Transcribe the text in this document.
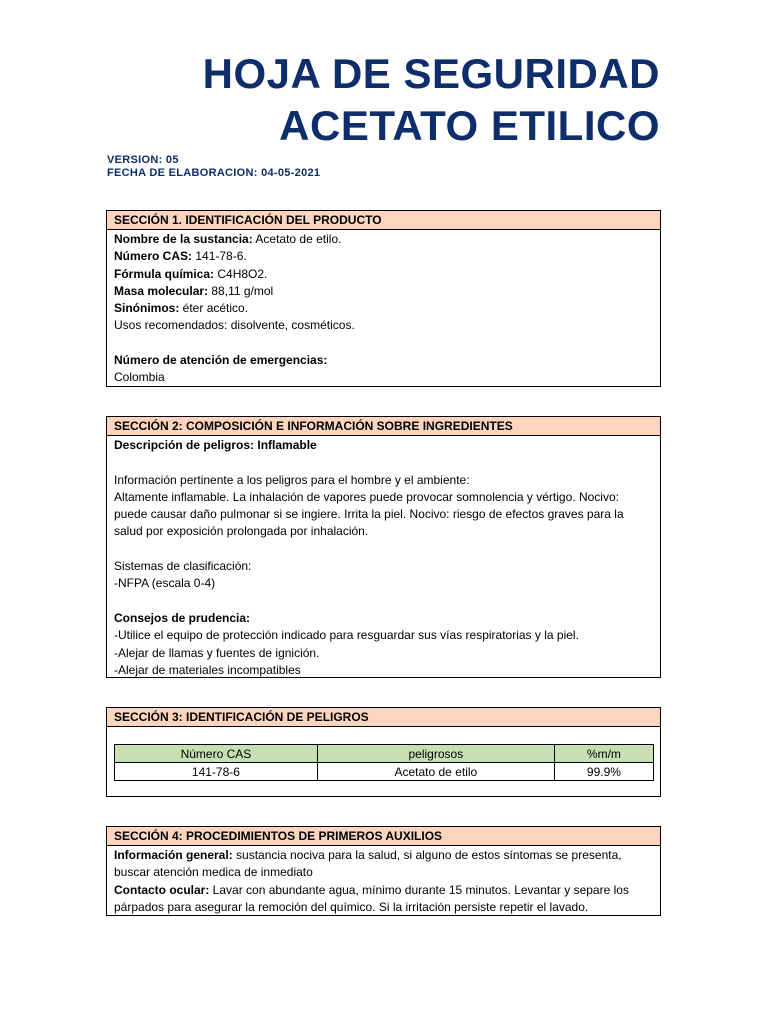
HOJA DE SEGURIDAD
ACETATO ETILICO
VERSION: 05
FECHA DE ELABORACION: 04-05-2021
SECCIÓN 1. IDENTIFICACIÓN DEL PRODUCTO
Nombre de la sustancia: Acetato de etilo.
Número CAS: 141-78-6.
Fórmula química: C4H8O2.
Masa molecular: 88,11 g/mol
Sinónimos: éter acético.
Usos recomendados: disolvente, cosméticos.
Número de atención de emergencias:
Colombia
SECCIÓN 2: COMPOSICIÓN E INFORMACIÓN SOBRE INGREDIENTES
Descripción de peligros: Inflamable
Información pertinente a los peligros para el hombre y el ambiente:
Altamente inflamable. La inhalación de vapores puede provocar somnolencia y vértigo. Nocivo:
puede causar daño pulmonar si se ingiere. Irrita la piel. Nocivo: riesgo de efectos graves para la
salud por exposición prolongada por inhalación.
Sistemas de clasificación:
-NFPA (escala 0-4)
Consejos de prudencia:
-Utilice el equipo de protección indicado para resguardar sus vías respiratorias y la piel.
-Alejar de llamas y fuentes de ignición.
-Alejar de materiales incompatibles
SECCIÓN 3: IDENTIFICACIÓN DE PELIGROS
Número CAS	peligrosos	%m/m
141-78-6	Acetato de etilo	99.9%
SECCIÓN 4: PROCEDIMIENTOS DE PRIMEROS AUXILIOS
Información general: sustancia nociva para la salud, si alguno de estos síntomas se presenta,
buscar atención medica de inmediato
Contacto ocular: Lavar con abundante agua, mínimo durante 15 minutos. Levantar y separe los
párpados para asegurar la remoción del químico. Si la irritación persiste repetir el lavado.
